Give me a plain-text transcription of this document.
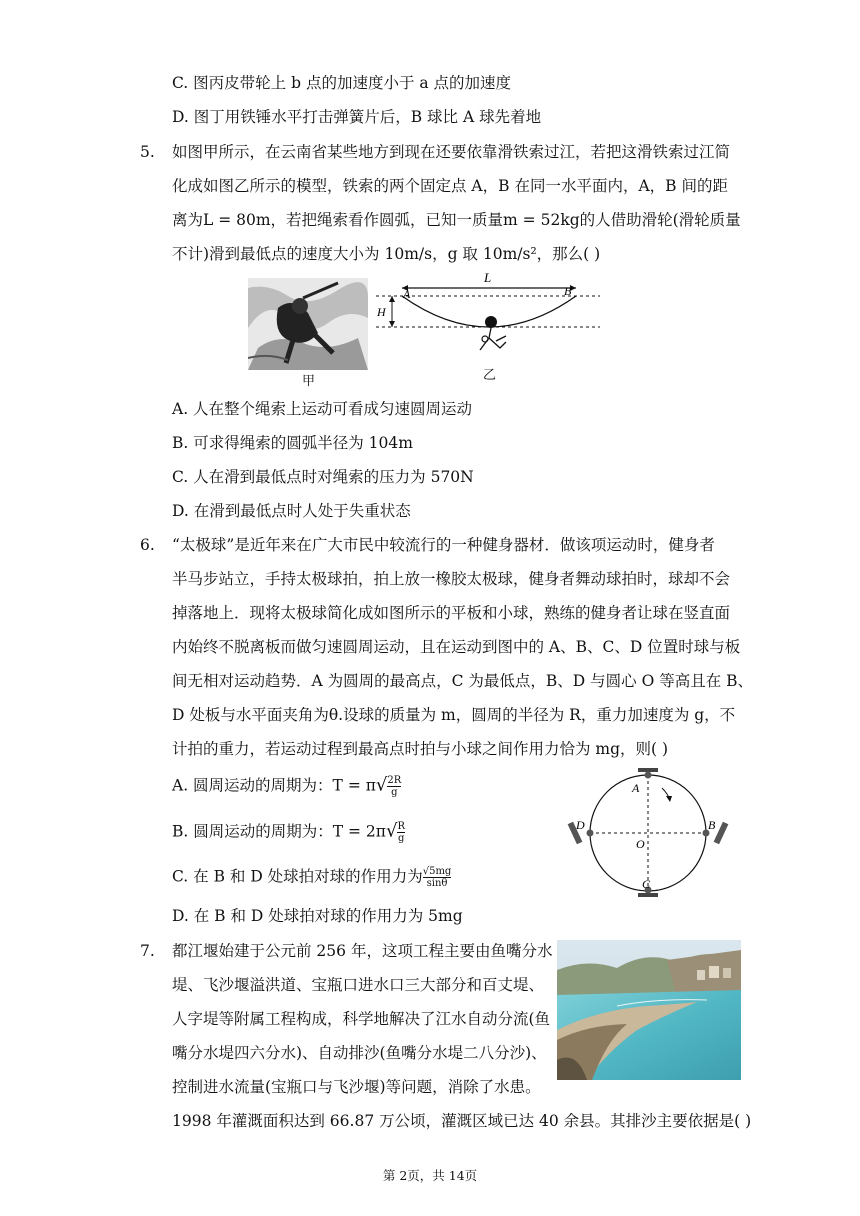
C. 图丙皮带轮上 b 点的加速度小于 a 点的加速度
D. 图丁用铁锤水平打击弹簧片后，B 球比 A 球先着地
5. 如图甲所示，在云南省某些地方到现在还要依靠滑铁索过江，若把这滑铁索过江简
化成如图乙所示的模型，铁索的两个固定点 A，B 在同一水平面内，A，B 间的距
离为L = 80m，若把绳索看作圆弧，已知一质量m = 52kg的人借助滑轮(滑轮质量
不计)滑到最低点的速度大小为 10m/s，g 取 10m/s²，那么( )
甲
L
A	B
H
乙
A. 人在整个绳索上运动可看成匀速圆周运动
B. 可求得绳索的圆弧半径为 104m
C. 人在滑到最低点时对绳索的压力为 570N
D. 在滑到最低点时人处于失重状态
6. “太极球”是近年来在广大市民中较流行的一种健身器材．做该项运动时，健身者
半马步站立，手持太极球拍，拍上放一橡胶太极球，健身者舞动球拍时，球却不会
掉落地上．现将太极球简化成如图所示的平板和小球，熟练的健身者让球在竖直面
内始终不脱离板而做匀速圆周运动，且在运动到图中的 A、B、C、D 位置时球与板
间无相对运动趋势．A 为圆周的最高点，C 为最低点，B、D 与圆心 O 等高且在 B、
D 处板与水平面夹角为θ.设球的质量为 m，圆周的半径为 R，重力加速度为 g，不
计拍的重力，若运动过程到最高点时拍与小球之间作用力恰为 mg，则( )
A. 圆周运动的周期为：$T = \pi√ \frac{2R}{g}$
B. 圆周运动的周期为：$T = 2\pi√ \frac{R}{g}$
C. 在 B 和 D 处球拍对球的作用力为 $\frac{√5mg}{\sin\theta}$
D. 在 B 和 D 处球拍对球的作用力为 5mg
A
B
C
D
O
7. 都江堰始建于公元前 256 年，这项工程主要由鱼嘴分水
堤、飞沙堰溢洪道、宝瓶口进水口三大部分和百丈堤、
人字堤等附属工程构成，科学地解决了江水自动分流(鱼
嘴分水堤四六分水)、自动排沙(鱼嘴分水堤二八分沙)、
控制进水流量(宝瓶口与飞沙堰)等问题，消除了水患。
1998 年灌溉面积达到 66.87 万公顷，灌溉区域已达 40 余县。其排沙主要依据是( )
第 2页，共 14页
